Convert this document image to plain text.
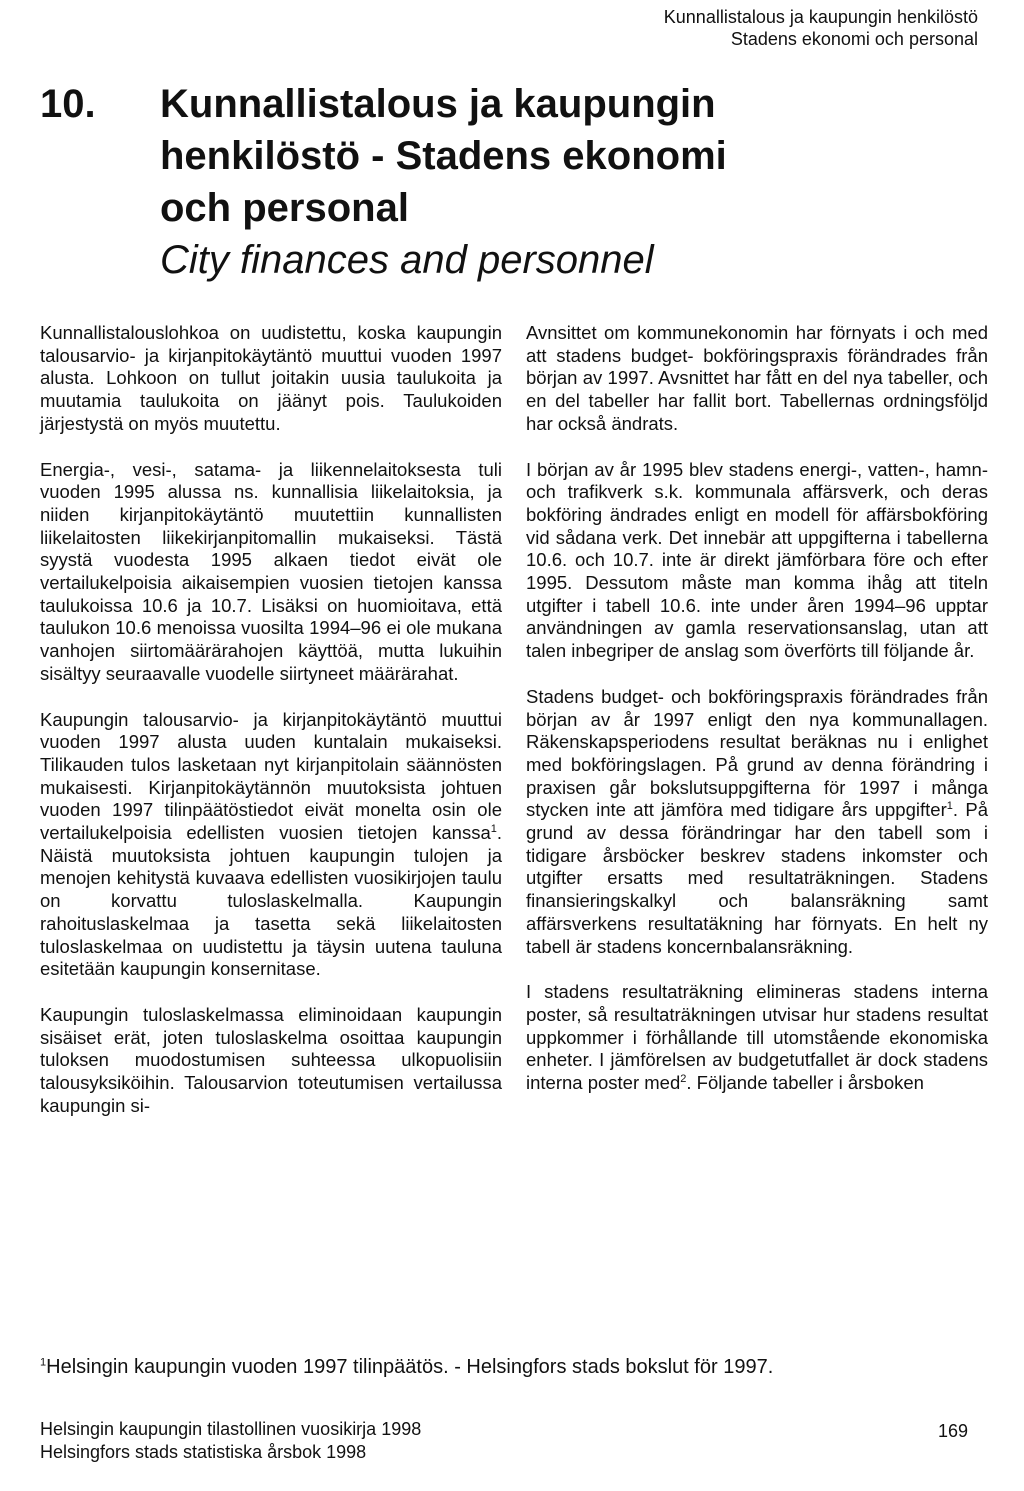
Kunnallistalous ja kaupungin henkilöstö
Stadens ekonomi och personal
10. Kunnallistalous ja kaupungin

henkilöstö - Stadens ekonomi

och personal

City finances and personnel

Kunnallistalouslohkoa on uudistettu, koska kaupungin talousarvio- ja kirjanpitokäytäntö muuttui vuoden 1997 alusta. Lohkoon on tullut joitakin uusia taulukoita ja muutamia taulukoita on jäänyt pois. Taulukoiden järjestystä on myös muutettu.

Energia-, vesi-, satama- ja liikennelaitoksesta tuli vuoden 1995 alussa ns. kunnallisia liikelaitoksia, ja niiden kirjanpitokäytäntö muutettiin kunnallisten liikelaitosten liikekirjanpitomallin mukaiseksi. Tästä syystä vuodesta 1995 alkaen tiedot eivät ole vertailukelpoisia aikaisempien vuosien tietojen kanssa taulukoissa 10.6 ja 10.7. Lisäksi on huomioitava, että taulukon 10.6 menoissa vuosilta 1994–96 ei ole mukana vanhojen siirtomäärärahojen käyttöä, mutta lukuihin sisältyy seuraavalle vuodelle siirtyneet määrärahat.

Kaupungin talousarvio- ja kirjanpitokäytäntö muuttui vuoden 1997 alusta uuden kuntalain mukaiseksi. Tilikauden tulos lasketaan nyt kirjanpitolain säännösten mukaisesti. Kirjanpitokäytännön muutoksista johtuen vuoden 1997 tilinpäätöstiedot eivät monelta osin ole vertailukelpoisia edellisten vuosien tietojen kanssa$^1$. Näistä muutoksista johtuen kaupungin tulojen ja menojen kehitystä kuvaava edellisten vuosikirjojen taulu on korvattu tuloslaskelmalla. Kaupungin rahoituslaskelmaa ja tasetta sekä liikelaitosten tuloslaskelmaa on uudistettu ja täysin uutena tauluna esitetään kaupungin konsernitase.

Kaupungin tuloslaskelmassa eliminoidaan kaupungin sisäiset erät, joten tuloslaskelma osoittaa kaupungin tuloksen muodostumisen suhteessa ulkopuolisiin talousyksiköihin. Talousarvion toteutumisen vertailussa kaupungin si-

Avnsittet om kommunekonomin har förnyats i och med att stadens budget- bokföringspraxis förändrades från början av 1997. Avsnittet har fått en del nya tabeller, och en del tabeller har fallit bort. Tabellernas ordningsföljd har också ändrats.

I början av år 1995 blev stadens energi-, vatten-, hamn- och trafikverk s.k. kommunala affärsverk, och deras bokföring ändrades enligt en modell för affärsbokföring vid sådana verk. Det innebär att uppgifterna i tabellerna 10.6. och 10.7. inte är direkt jämförbara före och efter 1995. Dessutom måste man komma ihåg att titeln utgifter i tabell 10.6. inte under åren 1994–96 upptar användningen av gamla reservationsanslag, utan att talen inbegriper de anslag som överförts till följande år.

Stadens budget- och bokföringspraxis förändrades från början av år 1997 enligt den nya kommunallagen. Räkenskapsperiodens resultat beräknas nu i enlighet med bokföringslagen. På grund av denna förändring i praxisen går bokslutsuppgifterna för 1997 i många stycken inte att jämföra med tidigare års uppgifter$^1$. På grund av dessa förändringar har den tabell som i tidigare årsböcker beskrev stadens inkomster och utgifter ersatts med resultaträkningen. Stadens finansieringskalkyl och balansräkning samt affärsverkens resultatäkning har förnyats. En helt ny tabell är stadens koncernbalansräkning.

I stadens resultaträkning elimineras stadens interna poster, så resultaträkningen utvisar hur stadens resultat uppkommer i förhållande till utomstående ekonomiska enheter. I jämförelsen av budgetutfallet är dock stadens interna poster med$^2$. Följande tabeller i årsboken

$^1$Helsingin kaupungin vuoden 1997 tilinpäätös. - Helsingfors stads bokslut för 1997.
Helsingin kaupungin tilastollinen vuosikirja 1998
Helsingfors stads statistiska årsbok 1998
169
